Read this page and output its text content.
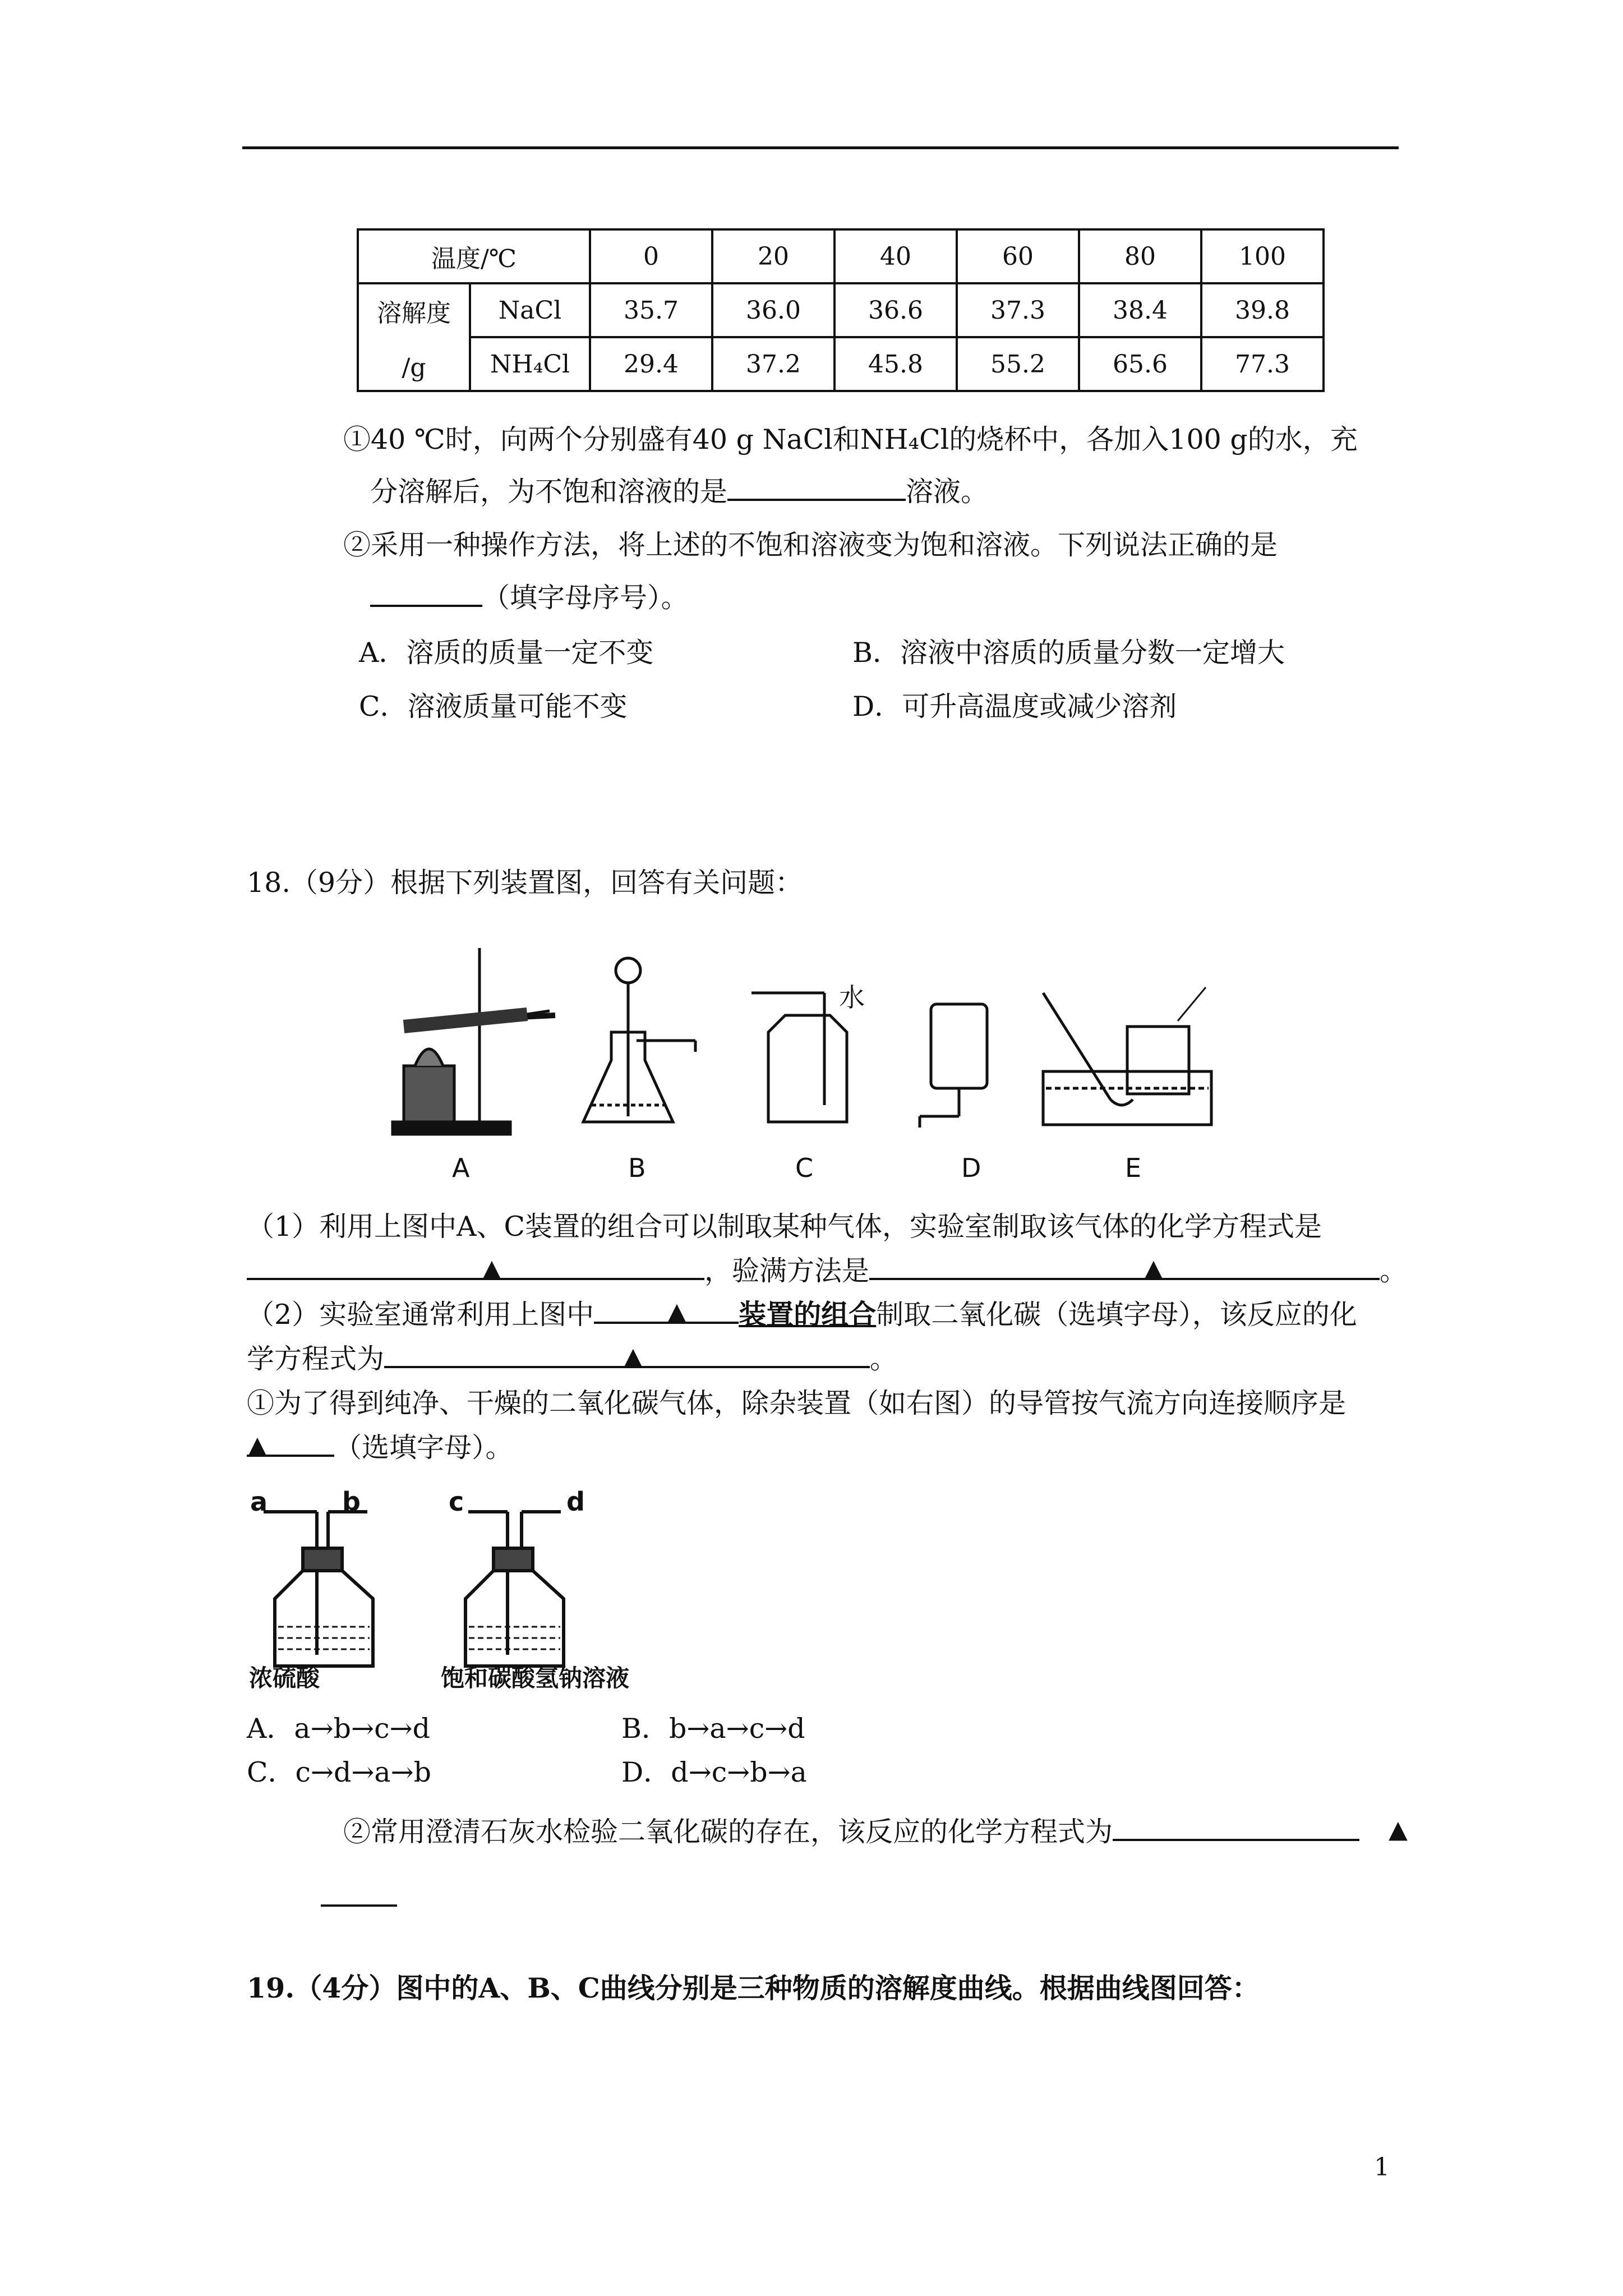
温度/℃		0	20	40	60	80	100

溶解度
/g	NaCl	35.7	36.0	36.6	37.3	38.4	39.8
	NH₄Cl	29.4	37.2	45.8	55.2	65.6	77.3
①40 ℃时，向两个分别盛有40 g NaCl和NH₄Cl的烧杯中，各加入100 g的水，充
分溶解后，为不饱和溶液的是	溶液。
②采用一种操作方法，将上述的不饱和溶液变为饱和溶液。下列说法正确的是
（填字母序号）。
A．溶质的质量一定不变	B．溶液中溶质的质量分数一定增大
C．溶液质量可能不变	D．可升高温度或减少溶剂
18.（9分）根据下列装置图，回答有关问题：
水
A	B	C	D	E
（1）利用上图中A、C装置的组合可以制取某种气体，实验室制取该气体的化学方程式是
，验满方法是	。
▲	▲
（2）实验室通常利用上图中	装置的组合制取二氧化碳（选填字母），该反应的化
▲
学方程式为	。
▲
①为了得到纯净、干燥的二氧化碳气体，除杂装置（如右图）的导管按气流方向连接顺序是
（选填字母）。
▲
a	b	c	d
浓硫酸	饱和碳酸氢钠溶液
A．a→b→c→d	B．b→a→c→d
C．c→d→a→b	D．d→c→b→a
②常用澄清石灰水检验二氧化碳的存在，该反应的化学方程式为	▲
19.（4分）图中的A、B、C曲线分别是三种物质的溶解度曲线。根据曲线图回答：
1
